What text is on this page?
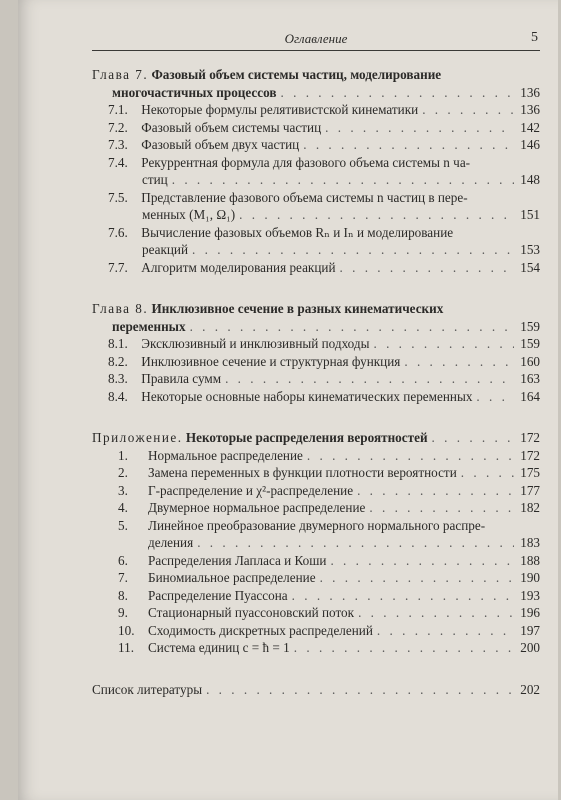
Оглавление	5
Глава 7. Фазовый объем системы частиц, моделирование
многочастичных процессов . . .	136
7.1. Некоторые формулы релятивистской кинематики . . .	136
7.2. Фазовый объем системы частиц . . .	142
7.3. Фазовый объем двух частиц . . .	146
7.4. Рекуррентная формула для фазового объема системы n ча-
стиц . . .	148
7.5. Представление фазового объема системы n частиц в пере-
менных (M₁, Ω₁) . . .	151
7.6. Вычисление фазовых объемов Rₙ и Iₙ и моделирование
реакций . . .	153
7.7. Алгоритм моделирования реакций . . .	154
Глава 8. Инклюзивное сечение в разных кинематических
переменных . . .	159
8.1. Эксклюзивный и инклюзивный подходы . . .	159
8.2. Инклюзивное сечение и структурная функция . . .	160
8.3. Правила сумм . . .	163
8.4. Некоторые основные наборы кинематических переменных . . .	164
Приложение. Некоторые распределения вероятностей . . .	172
1. Нормальное распределение . . .	172
2. Замена переменных в функции плотности вероятности . . .	175
3. Γ-распределение и χ²-распределение . . .	177
4. Двумерное нормальное распределение . . .	182
5. Линейное преобразование двумерного нормального распре-
деления . . .	183
6. Распределения Лапласа и Коши . . .	188
7. Биномиальное распределение . . .	190
8. Распределение Пуассона . . .	193
9. Стационарный пуассоновский поток . . .	196
10. Сходимость дискретных распределений . . .	197
11. Система единиц c = ħ = 1 . . .	200
Список литературы . . .	202
